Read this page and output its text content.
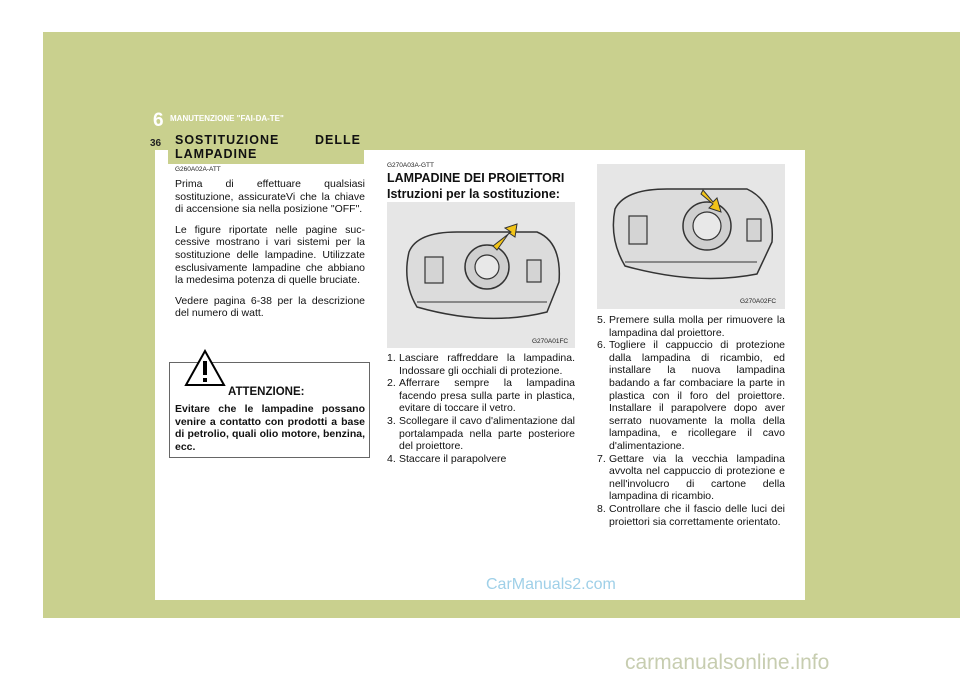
6 MANUTENZIONE "FAI-DA-TE"
36 SOSTITUZIONE	DELLE
LAMPADINE
G260A02A-ATT

Prima di effettuare qualsiasi sostituzione, assicurateVi che la chiave di accensione sia nella posizione "OFF".

Le figure riportate nelle pagine suc-cessive mostrano i vari sistemi per la sostituzione delle lampadine. Utilizzate esclusivamente lampadine che abbiano la medesima potenza di quelle bruciate.

Vedere pagina 6-38 per la descrizione del numero di watt.

ATTENZIONE:
Evitare che le lampadine possano venire a contatto con prodotti a base di petrolio, quali olio motore, benzina, ecc.
G270A03A-GTT
LAMPADINE DEI PROIETTORI
Istruzioni per la sostituzione:
G270A01FC
1. Lasciare raffreddare la lampadina. Indossare gli occhiali di protezione.
2. Afferrare sempre la lampadina facendo presa sulla parte in plastica, evitare di toccare il vetro.
3. Scollegare il cavo d'alimentazione dal portalampada nella parte posteriore del proiettore.
4. Staccare il parapolvere
G270A02FC
5. Premere sulla molla per rimuovere la lampadina dal proiettore.
6. Togliere il cappuccio di protezione dalla lampadina di ricambio, ed installare la nuova lampadina badando a far combaciare la parte in plastica con il foro del proiettore. Installare il parapolvere dopo aver serrato nuovamente la molla della lampadina, e ricollegare il cavo d'alimentazione.
7. Gettare via la vecchia lampadina avvolta nel cappuccio di protezione e nell'involucro di cartone della lampadina di ricambio.
8. Controllare che il fascio delle luci dei proiettori sia correttamente orientato.
CarManuals2.com
carmanualsonline.info
